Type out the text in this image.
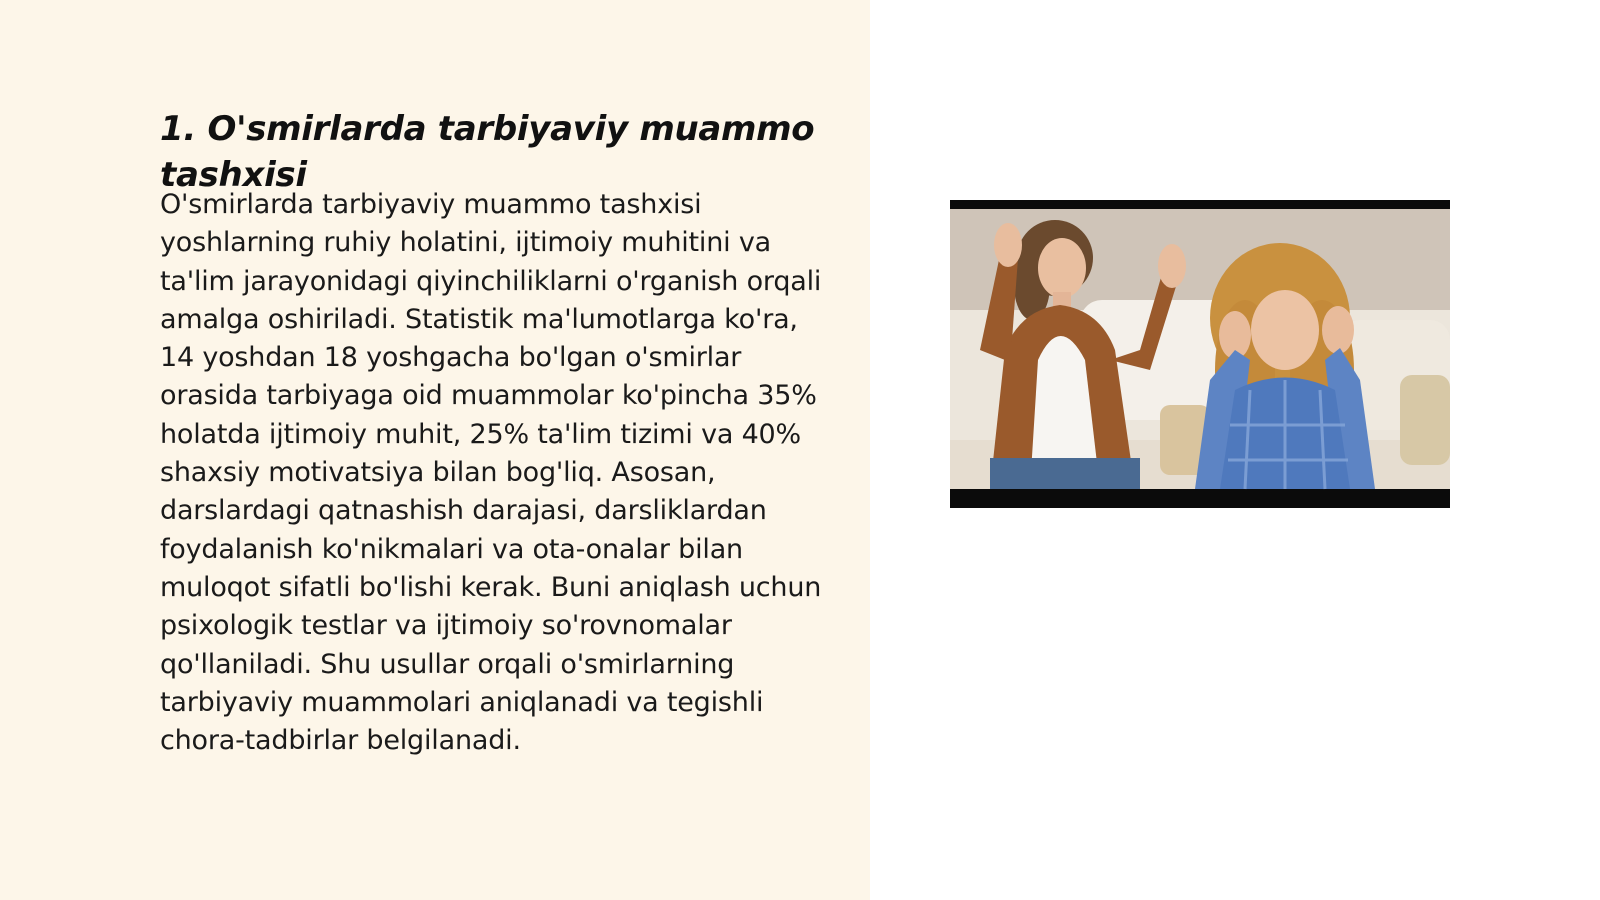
1. O'smirlarda tarbiyaviy muammo tashxisi

O'smirlarda tarbiyaviy muammo tashxisi yoshlarning ruhiy holatini, ijtimoiy muhitini va ta'lim jarayonidagi qiyinchiliklarni o'rganish orqali amalga oshiriladi. Statistik ma'lumotlarga ko'ra, 14 yoshdan 18 yoshgacha bo'lgan o'smirlar orasida tarbiyaga oid muammolar ko'pincha 35% holatda ijtimoiy muhit, 25% ta'lim tizimi va 40% shaxsiy motivatsiya bilan bog'liq. Asosan, darslardagi qatnashish darajasi, darsliklardan foydalanish ko'nikmalari va ota-onalar bilan muloqot sifatli bo'lishi kerak. Buni aniqlash uchun psixologik testlar va ijtimoiy so'rovnomalar qo'llaniladi. Shu usullar orqali o'smirlarning tarbiyaviy muammolari aniqlanadi va tegishli chora-tadbirlar belgilanadi.
